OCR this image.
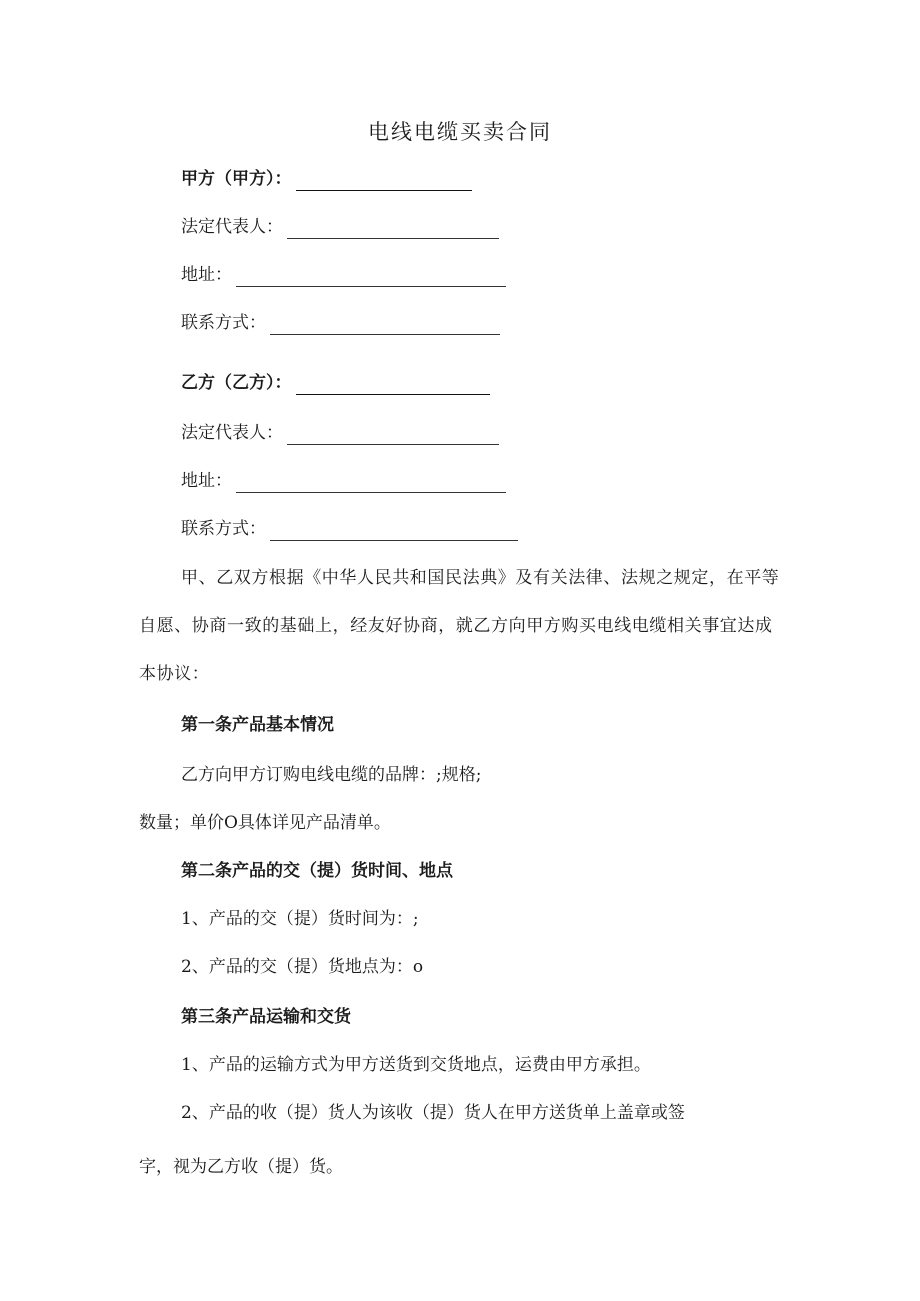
电线电缆买卖合同
甲方（甲方）：
法定代表人：
地址：
联系方式：
乙方（乙方）：
法定代表人：
地址：
联系方式：
甲、乙双方根据《中华人民共和国民法典》及有关法律、法规之规定，在平等自愿、协商一致的基础上，经友好协商，就乙方向甲方购买电线电缆相关事宜达成本协议：
第一条产品基本情况
乙方向甲方订购电线电缆的品牌：;规格;
数量；单价O具体详见产品清单。
第二条产品的交（提）货时间、地点
1、产品的交（提）货时间为：;
2、产品的交（提）货地点为：o
第三条产品运输和交货
1、产品的运输方式为甲方送货到交货地点，运费由甲方承担。
2、产品的收（提）货人为该收（提）货人在甲方送货单上盖章或签
字，视为乙方收（提）货。
